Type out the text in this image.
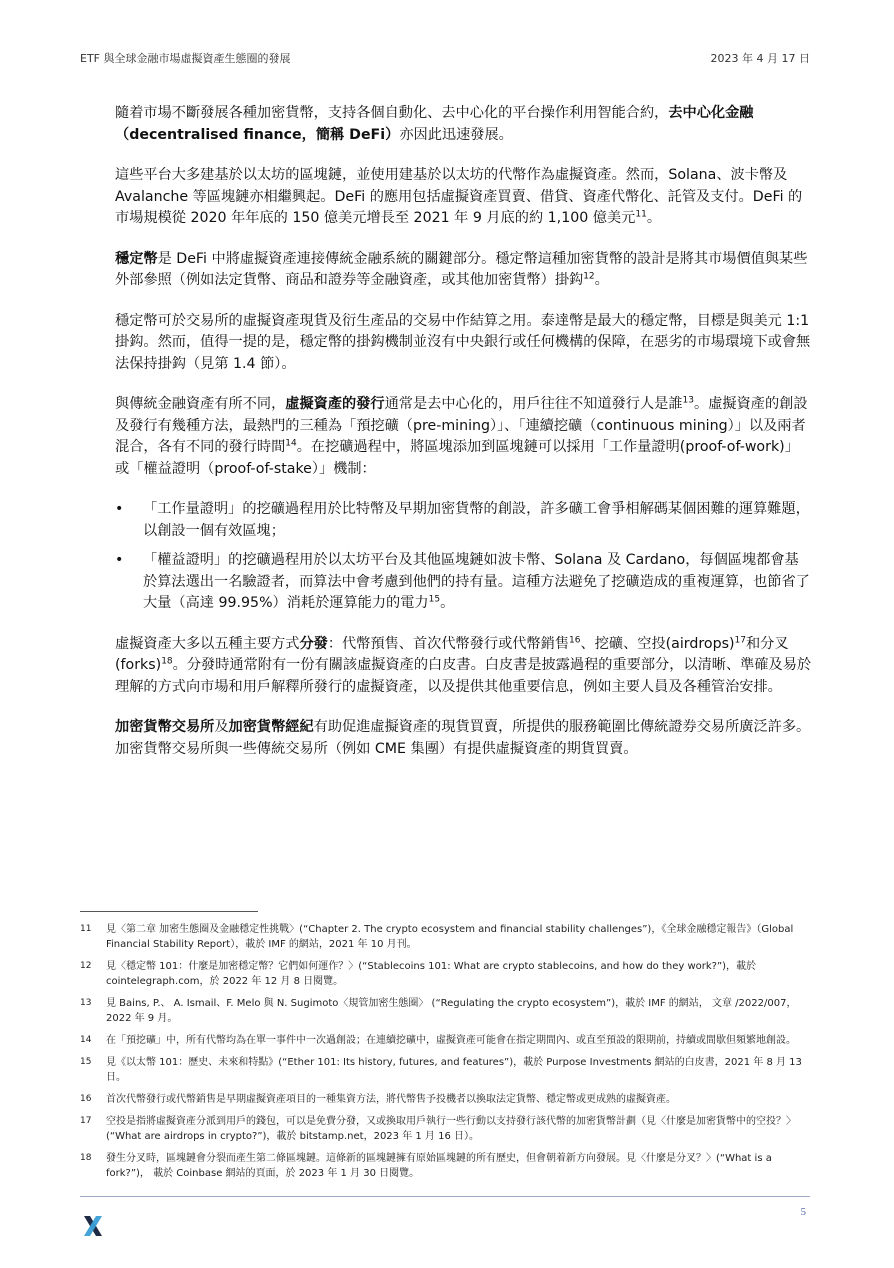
ETF 與全球金融市場虛擬資產生態圈的發展	2023 年 4 月 17 日

隨着市場不斷發展各種加密貨幣，支持各個自動化、去中心化的平台操作利用智能合約，去中心化金融（decentralised finance，簡稱 DeFi）亦因此迅速發展。

這些平台大多建基於以太坊的區塊鏈，並使用建基於以太坊的代幣作為虛擬資產。然而，Solana、波卡幣及 Avalanche 等區塊鏈亦相繼興起。DeFi 的應用包括虛擬資產買賣、借貸、資產代幣化、託管及支付。DeFi 的市場規模從 2020 年年底的 150 億美元增長至 2021 年 9 月底的約 1,100 億美元$^{11}$。

穩定幣是 DeFi 中將虛擬資產連接傳統金融系統的關鍵部分。穩定幣這種加密貨幣的設計是將其市場價值與某些外部參照（例如法定貨幣、商品和證券等金融資產，或其他加密貨幣）掛鈎$^{12}$。

穩定幣可於交易所的虛擬資產現貨及衍生產品的交易中作結算之用。泰達幣是最大的穩定幣，目標是與美元 1:1 掛鈎。然而，值得一提的是，穩定幣的掛鈎機制並沒有中央銀行或任何機構的保障，在惡劣的市場環境下或會無法保持掛鈎（見第 1.4 節）。

與傳統金融資產有所不同，虛擬資產的發行通常是去中心化的，用戶往往不知道發行人是誰$^{13}$。虛擬資產的創設及發行有幾種方法，最熱門的三種為「預挖礦（pre-mining）」、「連續挖礦（continuous mining）」以及兩者混合，各有不同的發行時間$^{14}$。在挖礦過程中，將區塊添加到區塊鏈可以採用「工作量證明(proof-of-work)」或「權益證明（proof-of-stake）」機制：

• 「工作量證明」的挖礦過程用於比特幣及早期加密貨幣的創設，許多礦工會爭相解碼某個困難的運算難題，以創設一個有效區塊；
• 「權益證明」的挖礦過程用於以太坊平台及其他區塊鏈如波卡幣、Solana 及 Cardano，每個區塊都會基於算法選出一名驗證者，而算法中會考慮到他們的持有量。這種方法避免了挖礦造成的重複運算，也節省了大量（高達 99.95%）消耗於運算能力的電力$^{15}$。

虛擬資產大多以五種主要方式分發：代幣預售、首次代幣發行或代幣銷售$^{16}$、挖礦、空投(airdrops)$^{17}$和分叉(forks)$^{18}$。分發時通常附有一份有關該虛擬資產的白皮書。白皮書是披露過程的重要部分，以清晰、準確及易於理解的方式向市場和用戶解釋所發行的虛擬資產，以及提供其他重要信息，例如主要人員及各種管治安排。

加密貨幣交易所及加密貨幣經紀有助促進虛擬資產的現貨買賣，所提供的服務範圍比傳統證券交易所廣泛許多。加密貨幣交易所與一些傳統交易所（例如 CME 集團）有提供虛擬資產的期貨買賣。

11 見〈第二章 加密生態圈及金融穩定性挑戰〉(“Chapter 2. The crypto ecosystem and financial stability challenges”)，《全球金融穩定報告》（Global Financial Stability Report），載於 IMF 的網站，2021 年 10 月刊。
12 見〈穩定幣 101：什麼是加密穩定幣？它們如何運作？〉(“Stablecoins 101: What are crypto stablecoins, and how do they work?”)，載於 cointelegraph.com，於 2022 年 12 月 8 日閱覽。
13 見 Bains, P.、 A. Ismail、F. Melo 與 N. Sugimoto〈規管加密生態圈〉 (“Regulating the crypto ecosystem”)，載於 IMF 的網站， 文章 /2022/007，2022 年 9 月。
14 在「預挖礦」中，所有代幣均為在單一事件中一次過創設；在連續挖礦中，虛擬資產可能會在指定期間內、或直至預設的限期前，持續或間歇但頻繁地創設。
15 見《以太幣 101：歷史、未來和特點》(“Ether 101: Its history, futures, and features”)，載於 Purpose Investments 網站的白皮書，2021 年 8 月 13 日。
16 首次代幣發行或代幣銷售是早期虛擬資產項目的一種集資方法，將代幣售予投機者以換取法定貨幣、穩定幣或更成熟的虛擬資產。
17 空投是指將虛擬資產分派到用戶的錢包，可以是免費分發，又或換取用戶執行一些行動以支持發行該代幣的加密貨幣計劃（見〈什麼是加密貨幣中的空投？〉(“What are airdrops in crypto?”)，載於 bitstamp.net，2023 年 1 月 16 日）。
18 發生分叉時，區塊鏈會分裂而產生第二條區塊鏈。這條新的區塊鏈擁有原始區塊鏈的所有歷史，但會朝着新方向發展。見〈什麼是分叉？〉(“What is a fork?”)， 載於 Coinbase 網站的頁面，於 2023 年 1 月 30 日閱覽。
5
